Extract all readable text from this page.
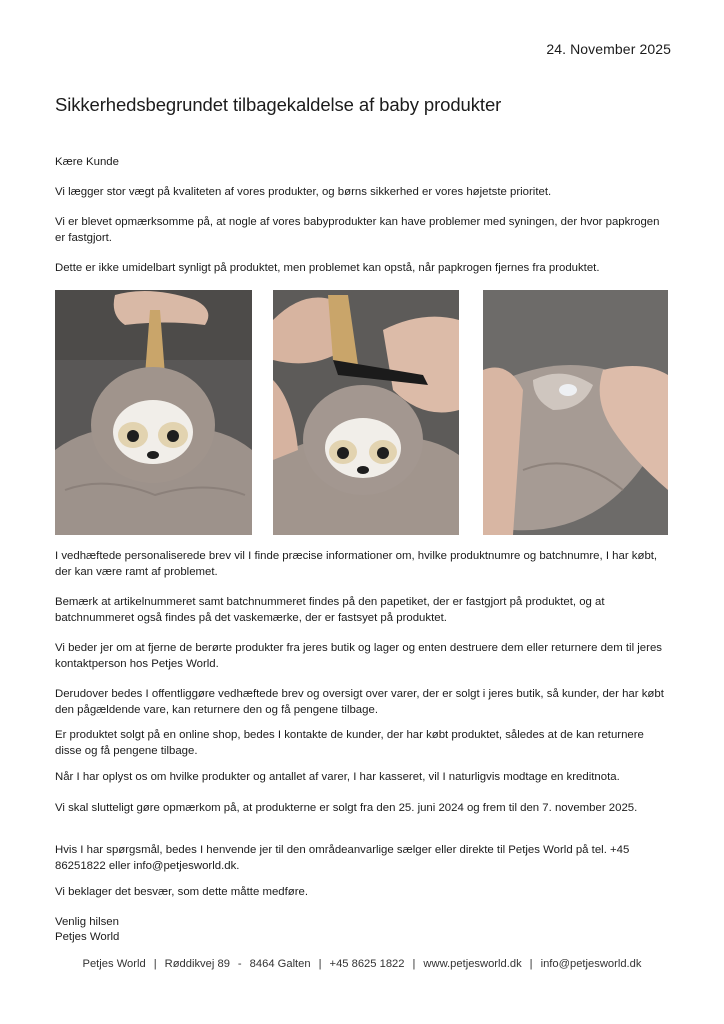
24. November 2025
Sikkerhedsbegrundet tilbagekaldelse af baby produkter

Kære Kunde

Vi lægger stor vægt på kvaliteten af vores produkter, og børns sikkerhed er vores højetste prioritet.

Vi er blevet opmærksomme på, at nogle af vores babyprodukter kan have problemer med syningen, der hvor papkrogen er fastgjort.

Dette er ikke umidelbart synligt på produktet, men problemet kan opstå, når papkrogen fjernes fra produktet.

I vedhæftede personaliserede brev vil I finde præcise informationer om, hvilke produktnumre og batchnumre, I har købt, der kan være ramt af problemet.

Bemærk at artikelnummeret samt batchnummeret findes på den papetiket, der er fastgjort på produktet, og at batchnummeret også findes på det vaskemærke, der er fastsyet på produktet.

Vi beder jer om at fjerne de berørte produkter fra jeres butik og lager og enten destruere dem eller returnere dem til jeres kontaktperson hos Petjes World.

Derudover bedes I offentliggøre vedhæftede brev og oversigt over varer, der er solgt i jeres butik, så kunder, der har købt den pågældende vare, kan returnere den og få pengene tilbage.

Er produktet solgt på en online shop, bedes I kontakte de kunder, der har købt produktet, således at de kan returnere disse og få pengene tilbage.

Når I har oplyst os om hvilke produkter og antallet af varer, I har kasseret, vil I naturligvis modtage en kreditnota.

Vi skal slutteligt gøre opmærkom på, at produkterne er solgt fra den 25. juni 2024 og frem til den 7. november 2025.

Hvis I har spørgsmål, bedes I henvende jer til den områdeanvarlige sælger eller direkte til Petjes World på tel. +45 86251822 eller info@petjesworld.dk.

Vi beklager det besvær, som dette måtte medføre.

Venlig hilsen

Petjes World

Petjes World | Røddikvej 89 - 8464 Galten | +45 8625 1822 | www.petjesworld.dk | info@petjesworld.dk
